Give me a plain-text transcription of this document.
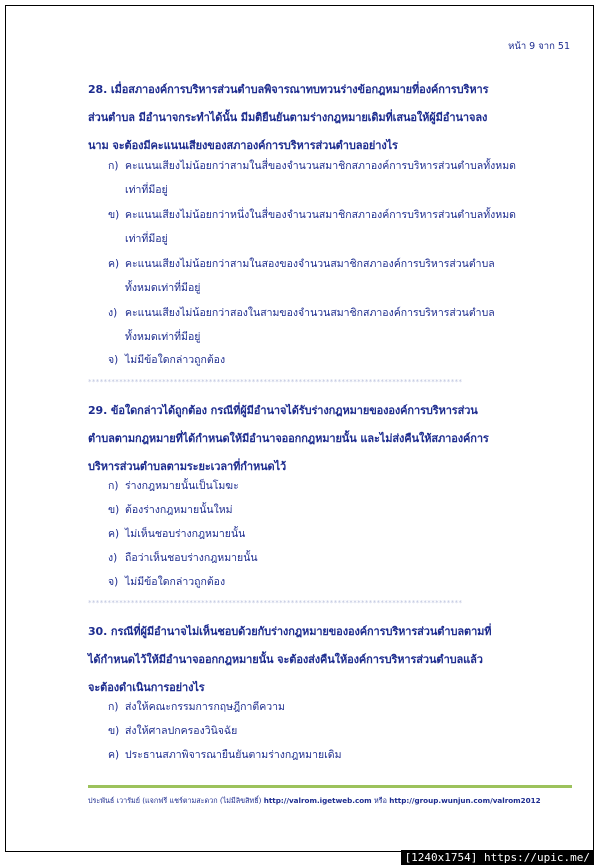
หน้า 9 จาก 51
28. เมื่อสภาองค์การบริหารส่วนตำบลพิจารณาทบทวนร่างข้อกฎหมายที่องค์การบริหาร
ส่วนตำบล มีอำนาจกระทำได้นั้น มีมติยืนยันตามร่างกฎหมายเดิมที่เสนอให้ผู้มีอำนาจลง
นาม จะต้องมีคะแนนเสียงของสภาองค์การบริหารส่วนตำบลอย่างไร
ก) คะแนนเสียงไม่น้อยกว่าสามในสี่ของจำนวนสมาชิกสภาองค์การบริหารส่วนตำบลทั้งหมด
เท่าที่มีอยู่
ข) คะแนนเสียงไม่น้อยกว่าหนึ่งในสี่ของจำนวนสมาชิกสภาองค์การบริหารส่วนตำบลทั้งหมด
เท่าที่มีอยู่
ค) คะแนนเสียงไม่น้อยกว่าสามในสองของจำนวนสมาชิกสภาองค์การบริหารส่วนตำบล
ทั้งหมดเท่าที่มีอยู่
ง) คะแนนเสียงไม่น้อยกว่าสองในสามของจำนวนสมาชิกสภาองค์การบริหารส่วนตำบล
ทั้งหมดเท่าที่มีอยู่
จ) ไม่มีข้อใดกล่าวถูกต้อง
************************************************************************************************
29. ข้อใดกล่าวได้ถูกต้อง กรณีที่ผู้มีอำนาจได้รับร่างกฎหมายขององค์การบริหารส่วน
ตำบลตามกฎหมายที่ได้กำหนดให้มีอำนาจออกกฎหมายนั้น และไม่ส่งคืนให้สภาองค์การ
บริหารส่วนตำบลตามระยะเวลาที่กำหนดไว้
ก) ร่างกฎหมายนั้นเป็นโมฆะ
ข) ต้องร่างกฎหมายนั้นใหม่
ค) ไม่เห็นชอบร่างกฎหมายนั้น
ง) ถือว่าเห็นชอบร่างกฎหมายนั้น
จ) ไม่มีข้อใดกล่าวถูกต้อง
************************************************************************************************
30. กรณีที่ผู้มีอำนาจไม่เห็นชอบด้วยกับร่างกฎหมายขององค์การบริหารส่วนตำบลตามที่
ได้กำหนดไว้ให้มีอำนาจออกกฎหมายนั้น จะต้องส่งคืนให้องค์การบริหารส่วนตำบลแล้ว
จะต้องดำเนินการอย่างไร
ก) ส่งให้คณะกรรมการกฤษฎีกาตีความ
ข) ส่งให้ศาลปกครองวินิจฉัย
ค) ประธานสภาพิจารณายืนยันตามร่างกฎหมายเดิม
ประพันธ์ เวารัมย์ (แจกฟรี แชร์ตามสะดวก (ไม่มีลิขสิทธิ์) http://valrom.igetweb.com หรือ http://group.wunjun.com/valrom2012
[1240x1754] https://upic.me/
